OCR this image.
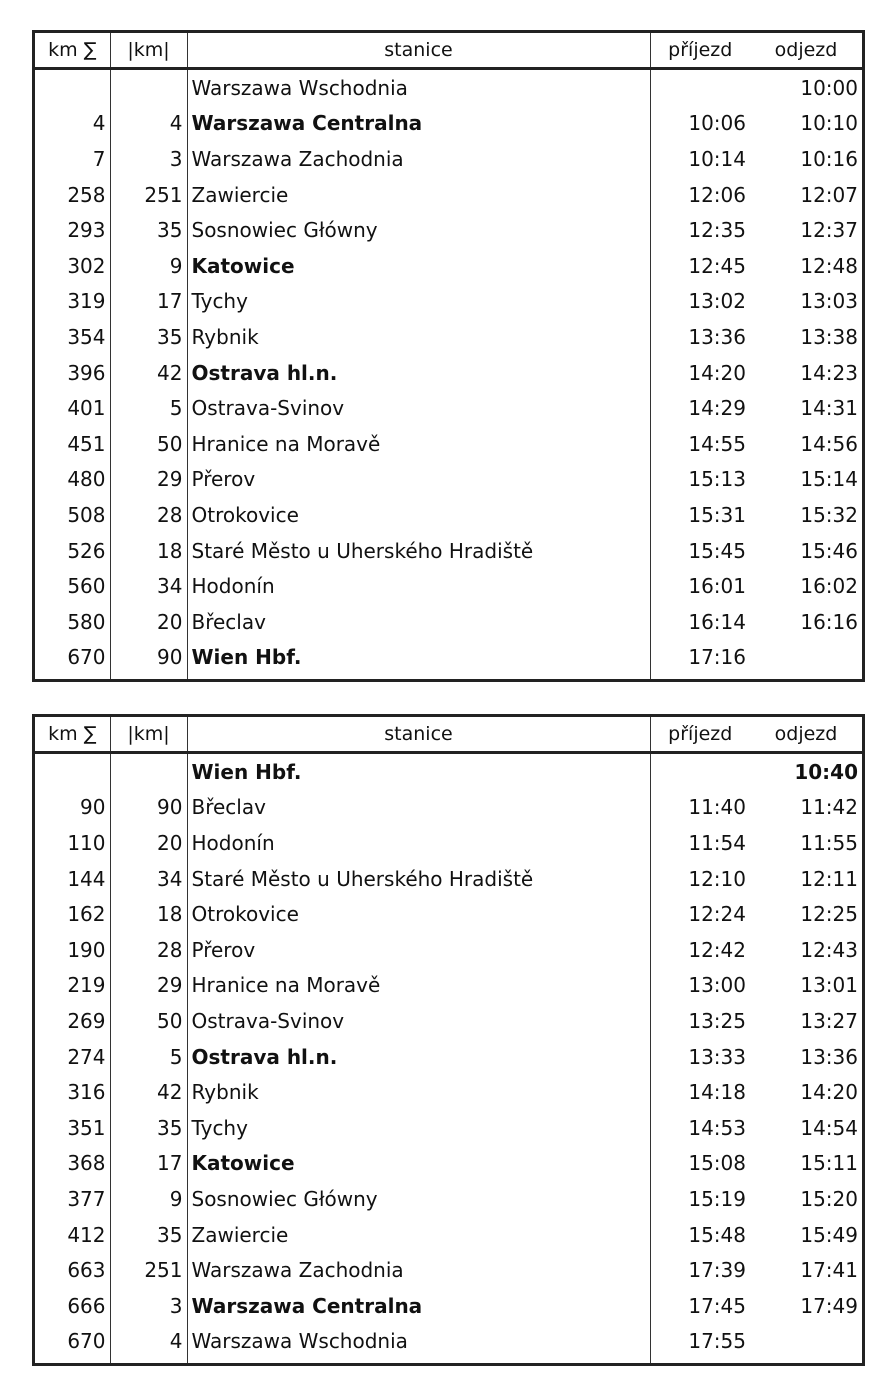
km ∑	|km|	stanice	příjezd	odjezd
		Warszawa Wschodnia		10:00
4	4	Warszawa Centralna	10:06	10:10
7	3	Warszawa Zachodnia	10:14	10:16
258	251	Zawiercie	12:06	12:07
293	35	Sosnowiec Główny	12:35	12:37
302	9	Katowice	12:45	12:48
319	17	Tychy	13:02	13:03
354	35	Rybnik	13:36	13:38
396	42	Ostrava hl.n.	14:20	14:23
401	5	Ostrava-Svinov	14:29	14:31
451	50	Hranice na Moravě	14:55	14:56
480	29	Přerov	15:13	15:14
508	28	Otrokovice	15:31	15:32
526	18	Staré Město u Uherského Hradiště	15:45	15:46
560	34	Hodonín	16:01	16:02
580	20	Břeclav	16:14	16:16
670	90	Wien Hbf.	17:16	
km ∑	|km|	stanice	příjezd	odjezd
		Wien Hbf.		10:40
90	90	Břeclav	11:40	11:42
110	20	Hodonín	11:54	11:55
144	34	Staré Město u Uherského Hradiště	12:10	12:11
162	18	Otrokovice	12:24	12:25
190	28	Přerov	12:42	12:43
219	29	Hranice na Moravě	13:00	13:01
269	50	Ostrava-Svinov	13:25	13:27
274	5	Ostrava hl.n.	13:33	13:36
316	42	Rybnik	14:18	14:20
351	35	Tychy	14:53	14:54
368	17	Katowice	15:08	15:11
377	9	Sosnowiec Główny	15:19	15:20
412	35	Zawiercie	15:48	15:49
663	251	Warszawa Zachodnia	17:39	17:41
666	3	Warszawa Centralna	17:45	17:49
670	4	Warszawa Wschodnia	17:55	
